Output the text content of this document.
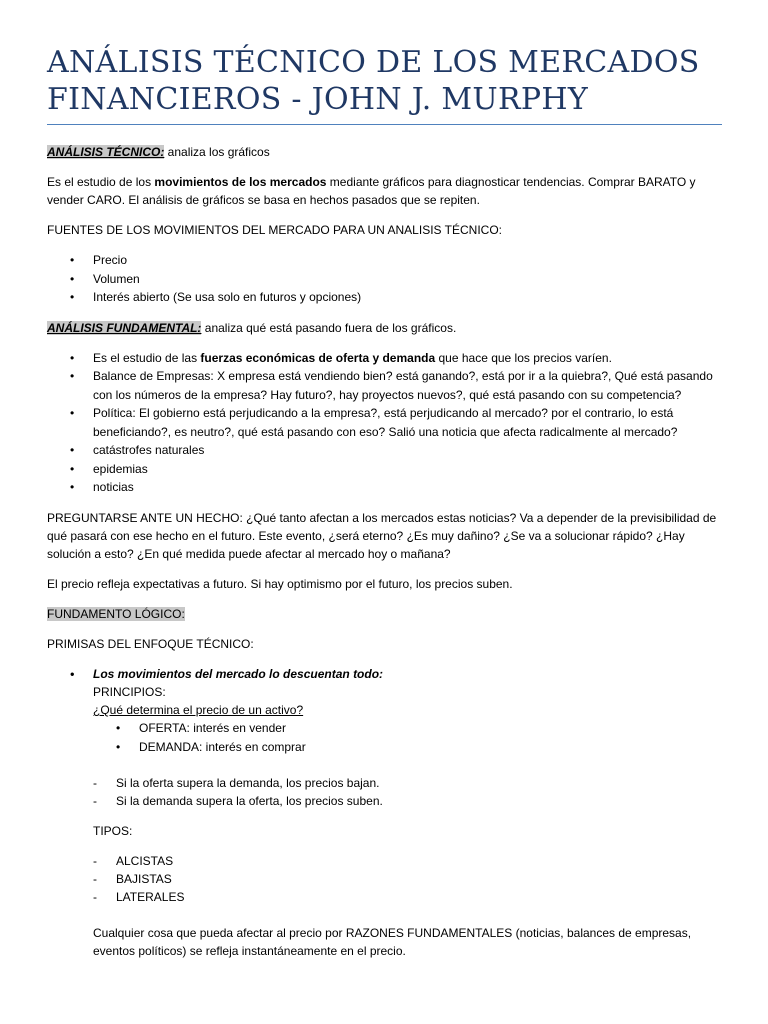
ANÁLISIS TÉCNICO DE LOS MERCADOS FINANCIEROS - JOHN J. MURPHY

ANÁLISIS TÉCNICO: analiza los gráficos

Es el estudio de los movimientos de los mercados mediante gráficos para diagnosticar tendencias. Comprar BARATO y vender CARO. El análisis de gráficos se basa en hechos pasados que se repiten.

FUENTES DE LOS MOVIMIENTOS DEL MERCADO PARA UN ANALISIS TÉCNICO:

• Precio
• Volumen
• Interés abierto (Se usa solo en futuros y opciones)

ANÁLISIS FUNDAMENTAL: analiza qué está pasando fuera de los gráficos.

• Es el estudio de las fuerzas económicas de oferta y demanda que hace que los precios varíen.
• Balance de Empresas: X empresa está vendiendo bien? está ganando?, está por ir a la quiebra?, Qué está pasando con los números de la empresa? Hay futuro?, hay proyectos nuevos?, qué está pasando con su competencia?
• Política: El gobierno está perjudicando a la empresa?, está perjudicando al mercado? por el contrario, lo está beneficiando?, es neutro?, qué está pasando con eso? Salió una noticia que afecta radicalmente al mercado?
• catástrofes naturales
• epidemias
• noticias

PREGUNTARSE ANTE UN HECHO: ¿Qué tanto afectan a los mercados estas noticias? Va a depender de la previsibilidad de qué pasará con ese hecho en el futuro. Este evento, ¿será eterno? ¿Es muy dañino? ¿Se va a solucionar rápido? ¿Hay solución a esto? ¿En qué medida puede afectar al mercado hoy o mañana?

El precio refleja expectativas a futuro. Si hay optimismo por el futuro, los precios suben.

FUNDAMENTO LÓGICO:

PRIMISAS DEL ENFOQUE TÉCNICO:

• Los movimientos del mercado lo descuentan todo:

PRINCIPIOS:

¿Qué determina el precio de un activo?

• OFERTA: interés en vender
• DEMANDA: interés en comprar
- Si la oferta supera la demanda, los precios bajan.
- Si la demanda supera la oferta, los precios suben.

TIPOS:

- ALCISTAS
- BAJISTAS
- LATERALES

Cualquier cosa que pueda afectar al precio por RAZONES FUNDAMENTALES (noticias, balances de empresas, eventos políticos) se refleja instantáneamente en el precio.
